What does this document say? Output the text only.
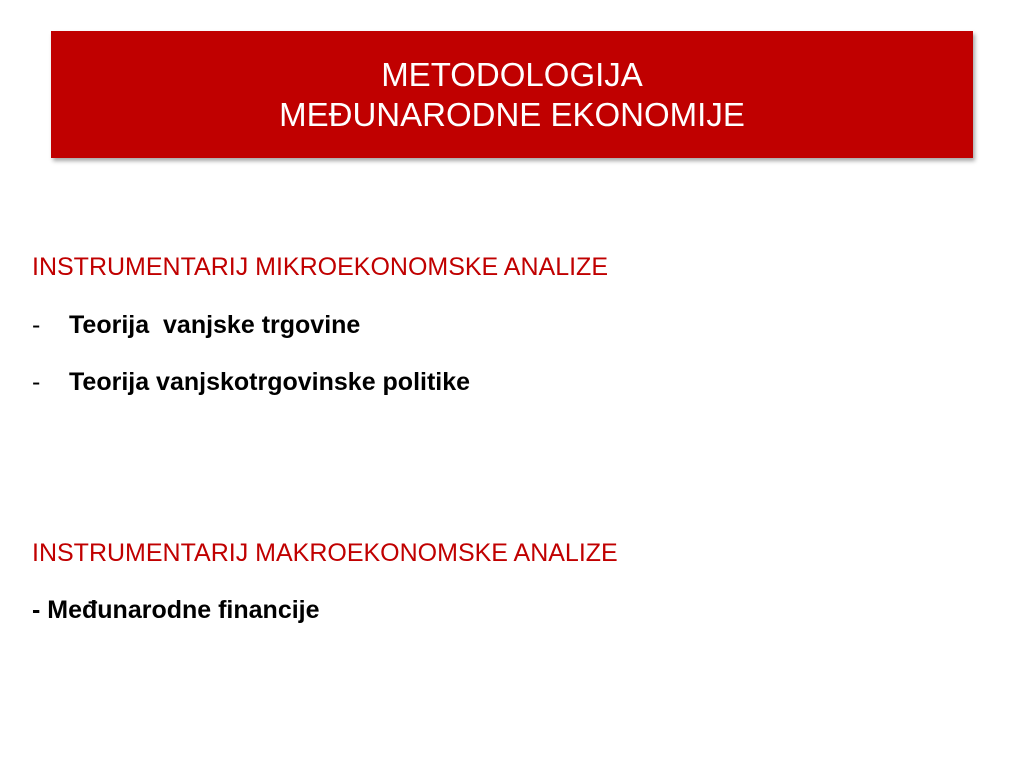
METODOLOGIJA
MEĐUNARODNE EKONOMIJE
INSTRUMENTARIJ MIKROEKONOMSKE ANALIZE
-	Teorija  vanjske trgovine
-	Teorija vanjskotrgovinske politike
INSTRUMENTARIJ MAKROEKONOMSKE ANALIZE
- Međunarodne financije
